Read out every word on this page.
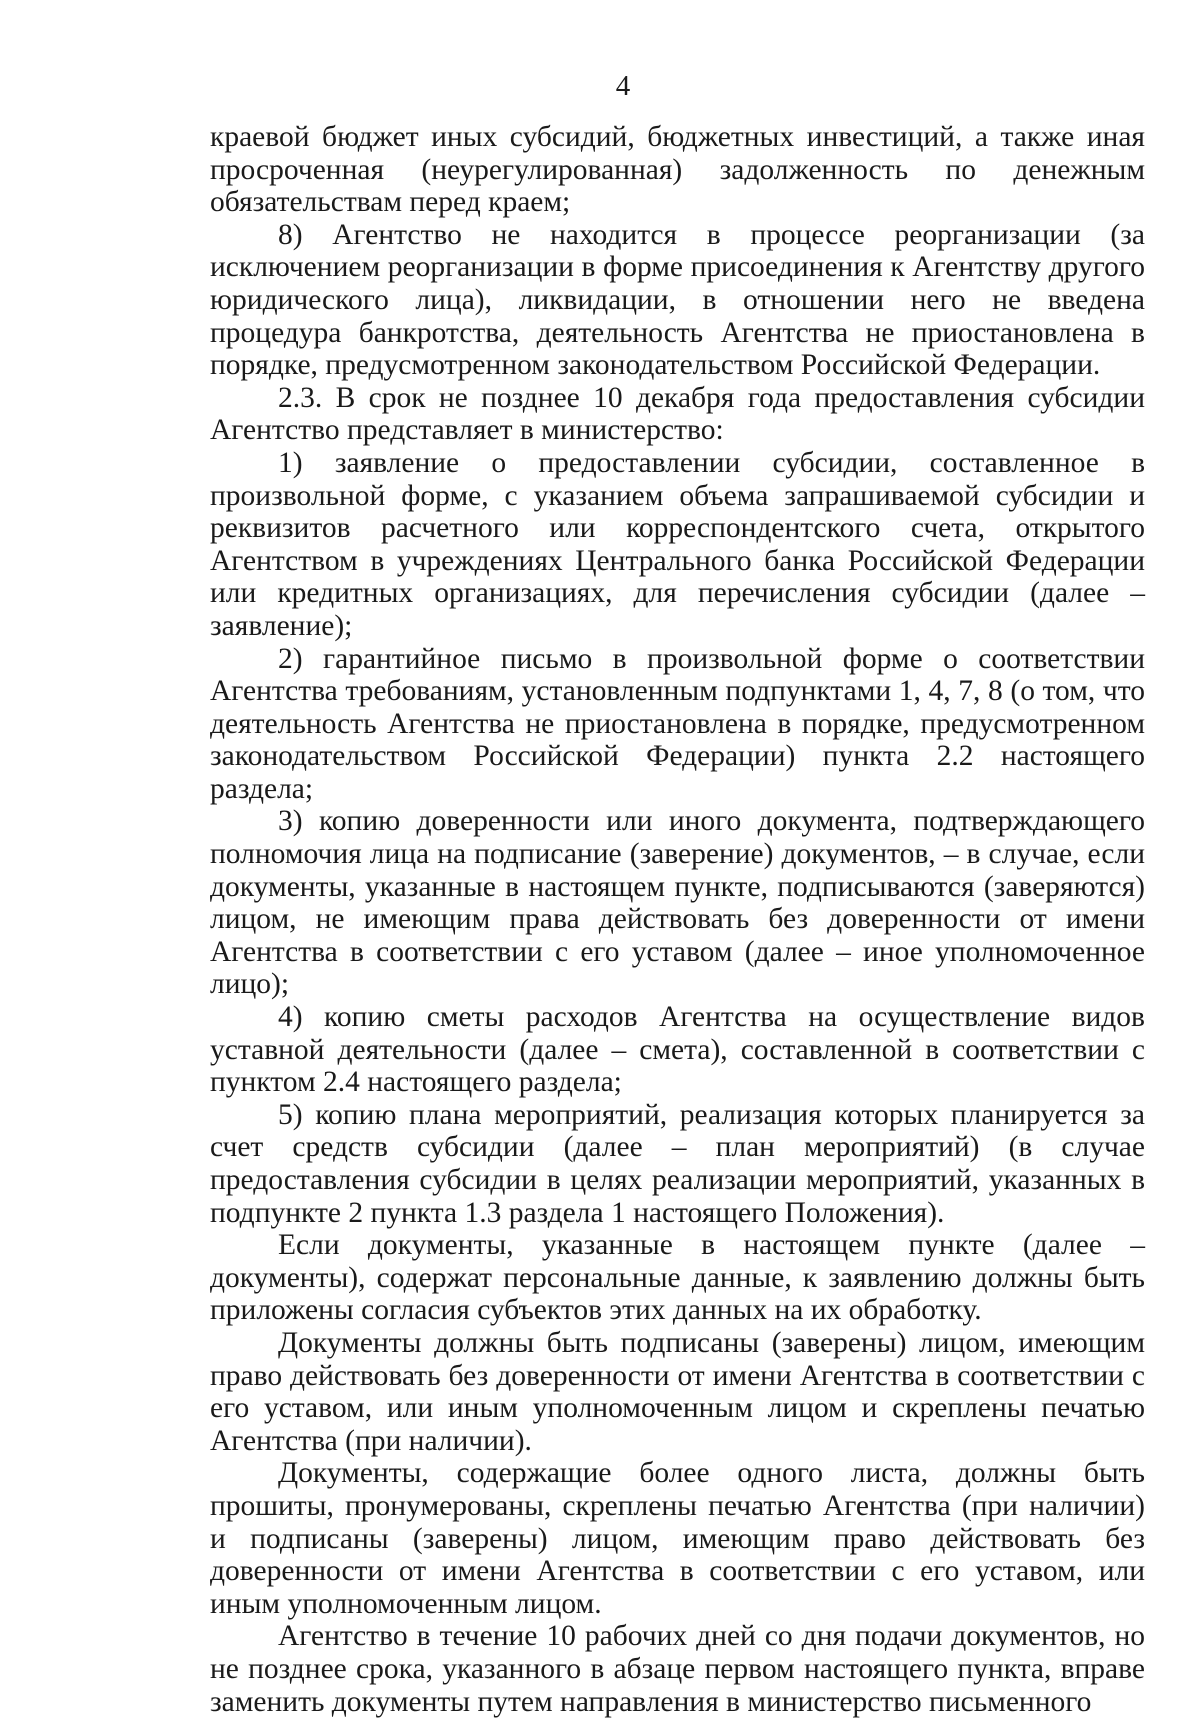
4

краевой бюджет иных субсидий, бюджетных инвестиций, а также иная просроченная (неурегулированная) задолженность по денежным обязательствам перед краем;

8) Агентство не находится в процессе реорганизации (за исключением реорганизации в форме присоединения к Агентству другого юридического лица), ликвидации, в отношении него не введена процедура банкротства, деятельность Агентства не приостановлена в порядке, предусмотренном законодательством Российской Федерации.

2.3. В срок не позднее 10 декабря года предоставления субсидии Агентство представляет в министерство:

1) заявление о предоставлении субсидии, составленное в произвольной форме, с указанием объема запрашиваемой субсидии и реквизитов расчетного или корреспондентского счета, открытого Агентством в учреждениях Центрального банка Российской Федерации или кредитных организациях, для перечисления субсидии (далее – заявление);

2) гарантийное письмо в произвольной форме о соответствии Агентства требованиям, установленным подпунктами 1, 4, 7, 8 (о том, что деятельность Агентства не приостановлена в порядке, предусмотренном законодательством Российской Федерации) пункта 2.2 настоящего раздела;

3) копию доверенности или иного документа, подтверждающего полномочия лица на подписание (заверение) документов, – в случае, если документы, указанные в настоящем пункте, подписываются (заверяются) лицом, не имеющим права действовать без доверенности от имени Агентства в соответствии с его уставом (далее – иное уполномоченное лицо);

4) копию сметы расходов Агентства на осуществление видов уставной деятельности (далее – смета), составленной в соответствии с пунктом 2.4 настоящего раздела;

5) копию плана мероприятий, реализация которых планируется за счет средств субсидии (далее – план мероприятий) (в случае предоставления субсидии в целях реализации мероприятий, указанных в подпункте 2 пункта 1.3 раздела 1 настоящего Положения).

Если документы, указанные в настоящем пункте (далее – документы), содержат персональные данные, к заявлению должны быть приложены согласия субъектов этих данных на их обработку.

Документы должны быть подписаны (заверены) лицом, имеющим право действовать без доверенности от имени Агентства в соответствии с его уставом, или иным уполномоченным лицом и скреплены печатью Агентства (при наличии).

Документы, содержащие более одного листа, должны быть прошиты, пронумерованы, скреплены печатью Агентства (при наличии) и подписаны (заверены) лицом, имеющим право действовать без доверенности от имени Агентства в соответствии с его уставом, или иным уполномоченным лицом.

Агентство в течение 10 рабочих дней со дня подачи документов, но не позднее срока, указанного в абзаце первом настоящего пункта, вправе заменить документы путем направления в министерство письменного
